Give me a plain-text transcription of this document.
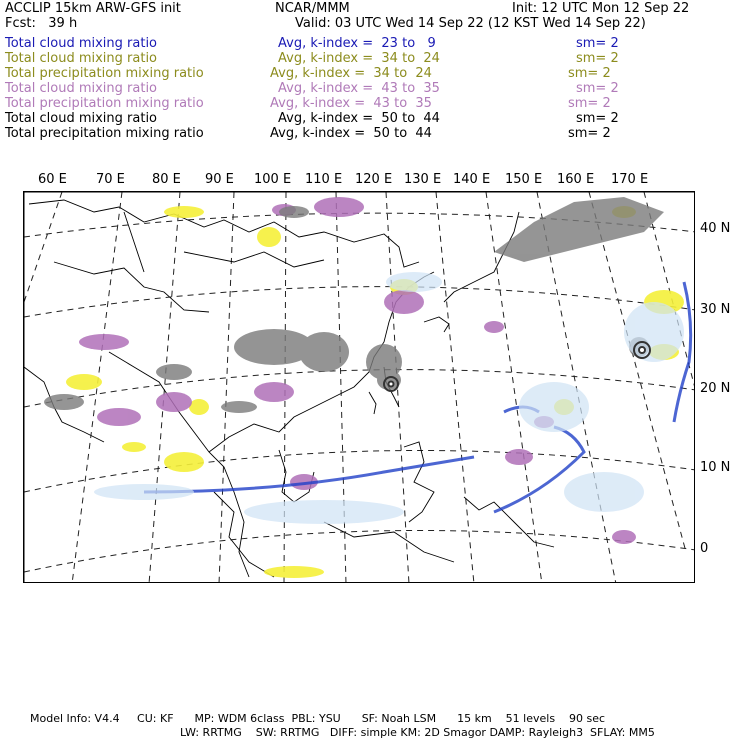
ACCLIP 15km ARW-GFS init	NCAR/MMM	Init: 12 UTC Mon 12 Sep 22
Fcst:   39 h	Valid: 03 UTC Wed 14 Sep 22 (12 KST Wed 14 Sep 22)
Total cloud mixing ratio	Avg, k-index =  23 to   9	sm= 2
Total cloud mixing ratio	Avg, k-index =  34 to  24	sm= 2
Total precipitation mixing ratio	Avg, k-index =  34 to  24	sm= 2
Total cloud mixing ratio	Avg, k-index =  43 to  35	sm= 2
Total precipitation mixing ratio	Avg, k-index =  43 to  35	sm= 2
Total cloud mixing ratio	Avg, k-index =  50 to  44	sm= 2
Total precipitation mixing ratio	Avg, k-index =  50 to  44	sm= 2
60 E 70 E 80 E 90 E 100 E 110 E 120 E 130 E 140 E 150 E 160 E 170 E
40 N
30 N
20 N
10 N
0
Model Info: V4.4     CU: KF      MP: WDM 6class  PBL: YSU      SF: Noah LSM      15 km    51 levels    90 sec
LW: RRTMG    SW: RRTMG   DIFF: simple KM: 2D Smagor DAMP: Rayleigh3  SFLAY: MM5
